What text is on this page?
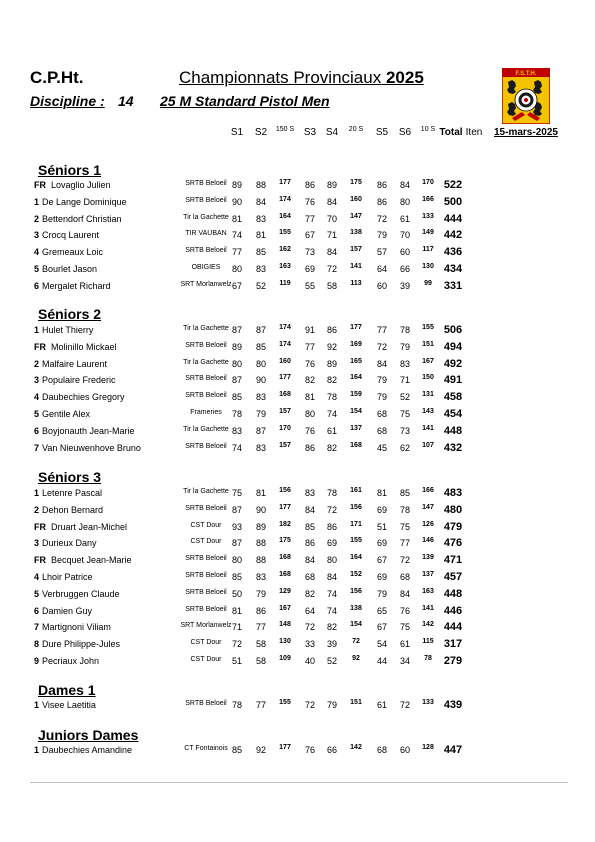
C.P.Ht.	Championnats Provinciaux 2025
Discipline : 14 25 M Standard Pistol Men
F.S.T.H.
15-mars-2025
S1	S2	150 S S3 S4	20 S	S5	S6	10 S Total Iten
Séniors 1
FR Lovaglio Julien	SRTB Beloeil 89	88	177	86	89	175	86	84	170 522
1 De Lange Dominique	SRTB Beloeil 90	84	174	76	84	160	86	80	166 500
2 Bettendorf Christian	Tir la Gachette 81	83	164	77	70	147	72	61	133 444
3 Crocq Laurent	TIR VAUBAN 74	81	155	67	71	138	79	70	149 442
4 Gremeaux Loic	SRTB Beloeil 77	85	162	73	84	157	57	60	117 436
5 Bourlet Jason	OBIGIES	80	83	163	69	72	141	64	66	130 434
6 Mergalet Richard	SRT Morlanwelz 67	52	119	55	58	113	60	39	99	331
Séniors 2
1 Hulet Thierry	Tir la Gachette 87	87	174	91	86	177	77	78	155 506
FR Molinillo Mickael	SRTB Beloeil 89	85	174	77	92	169	72	79	151 494
2 Malfaire Laurent	Tir la Gachette 80	80	160	76	89	165	84	83	167 492
3 Populaire Frederic	SRTB Beloeil 87	90	177	82	82	164	79	71	150 491
4 Daubechies Gregory	SRTB Beloeil 85	83	168	81	78	159	79	52	131 458
5 Gentile Alex	Frameries	78	79	157	80	74	154	68	75	143 454
6 Boyjonauth Jean-Marie	Tir la Gachette 83	87	170	76	61	137	68	73	141 448
7 Van Nieuwenhove Bruno	SRTB Beloeil 74	83	157	86	82	168	45	62	107 432
Séniors 3
1 Letenre Pascal	Tir la Gachette 75	81	156	83	78	161	81	85	166 483
2 Dehon Bernard	SRTB Beloeil 87	90	177	84	72	156	69	78	147 480
FR Druart Jean-Michel	CST Dour	93	89	182	85	86	171	51	75	126 479
3 Durieux Dany	CST Dour	87	88	175	86	69	155	69	77	146 476
FR Becquet Jean-Marie	SRTB Beloeil 80	88	168	84	80	164	67	72	139 471
4 Lhoir Patrice	SRTB Beloeil 85	83	168	68	84	152	69	68	137 457
5 Verbruggen Claude	SRTB Beloeil 50	79	129	82	74	156	79	84	163 448
6 Damien Guy	SRTB Beloeil 81	86	167	64	74	138	65	76	141 446
7 Martignoni Viliam	SRT Morlanwelz 71	77	148	72	82	154	67	75	142 444
8 Dure Philippe-Jules	CST Dour	72	58	130	33	39	72	54	61	115 317
9 Pecriaux John	CST Dour	51	58	109	40	52	92	44	34	78	279
Dames 1
1 Visee Laetitia	SRTB Beloeil 78	77	155	72	79	151	61	72	133 439
Juniors Dames
1 Daubechies Amandine	CT Fontainois 85	92	177	76	66	142	68	60	128 447
